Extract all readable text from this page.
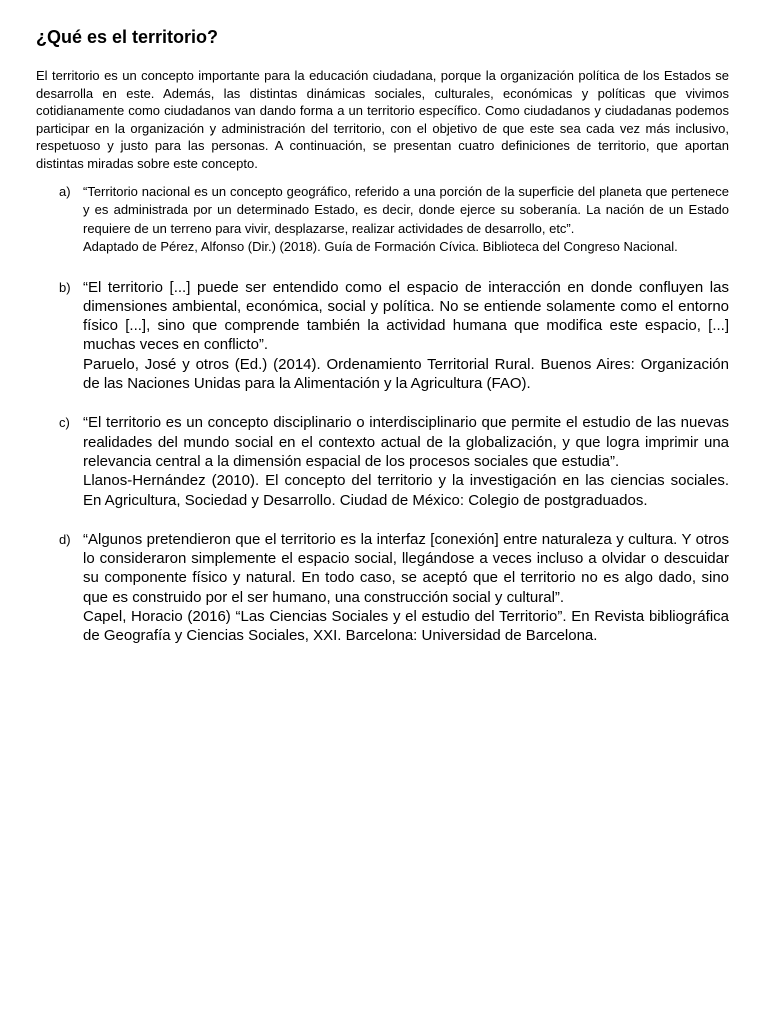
¿Qué es el territorio?

El territorio es un concepto importante para la educación ciudadana, porque la organización política de los Estados se desarrolla en este. Además, las distintas dinámicas sociales, culturales, económicas y políticas que vivimos cotidianamente como ciudadanos van dando forma a un territorio específico. Como ciudadanos y ciudadanas podemos participar en la organización y administración del territorio, con el objetivo de que este sea cada vez más inclusivo, respetuoso y justo para las personas. A continuación, se presentan cuatro definiciones de territorio, que aportan distintas miradas sobre este concepto.

a) “Territorio nacional es un concepto geográfico, referido a una porción de la superficie del planeta que pertenece y es administrada por un determinado Estado, es decir, donde ejerce su soberanía. La nación de un Estado requiere de un terreno para vivir, desplazarse, realizar actividades de desarrollo, etc”.
Adaptado de Pérez, Alfonso (Dir.) (2018). Guía de Formación Cívica. Biblioteca del Congreso Nacional.
b) “El territorio [...] puede ser entendido como el espacio de interacción en donde confluyen las dimensiones ambiental, económica, social y política. No se entiende solamente como el entorno físico [...], sino que comprende también la actividad humana que modifica este espacio, [...] muchas veces en conflicto”.
Paruelo, José y otros (Ed.) (2014). Ordenamiento Territorial Rural. Buenos Aires: Organización de las Naciones Unidas para la Alimentación y la Agricultura (FAO).
c) “El territorio es un concepto disciplinario o interdisciplinario que permite el estudio de las nuevas realidades del mundo social en el contexto actual de la globalización, y que logra imprimir una relevancia central a la dimensión espacial de los procesos sociales que estudia”.
Llanos-Hernández (2010). El concepto del territorio y la investigación en las ciencias sociales. En Agricultura, Sociedad y Desarrollo. Ciudad de México: Colegio de postgraduados.
d) “Algunos pretendieron que el territorio es la interfaz [conexión] entre naturaleza y cultura. Y otros lo consideraron simplemente el espacio social, llegándose a veces incluso a olvidar o descuidar su componente físico y natural. En todo caso, se aceptó que el territorio no es algo dado, sino que es construido por el ser humano, una construcción social y cultural”.
Capel, Horacio (2016) “Las Ciencias Sociales y el estudio del Territorio”. En Revista bibliográfica de Geografía y Ciencias Sociales, XXI. Barcelona: Universidad de Barcelona.
